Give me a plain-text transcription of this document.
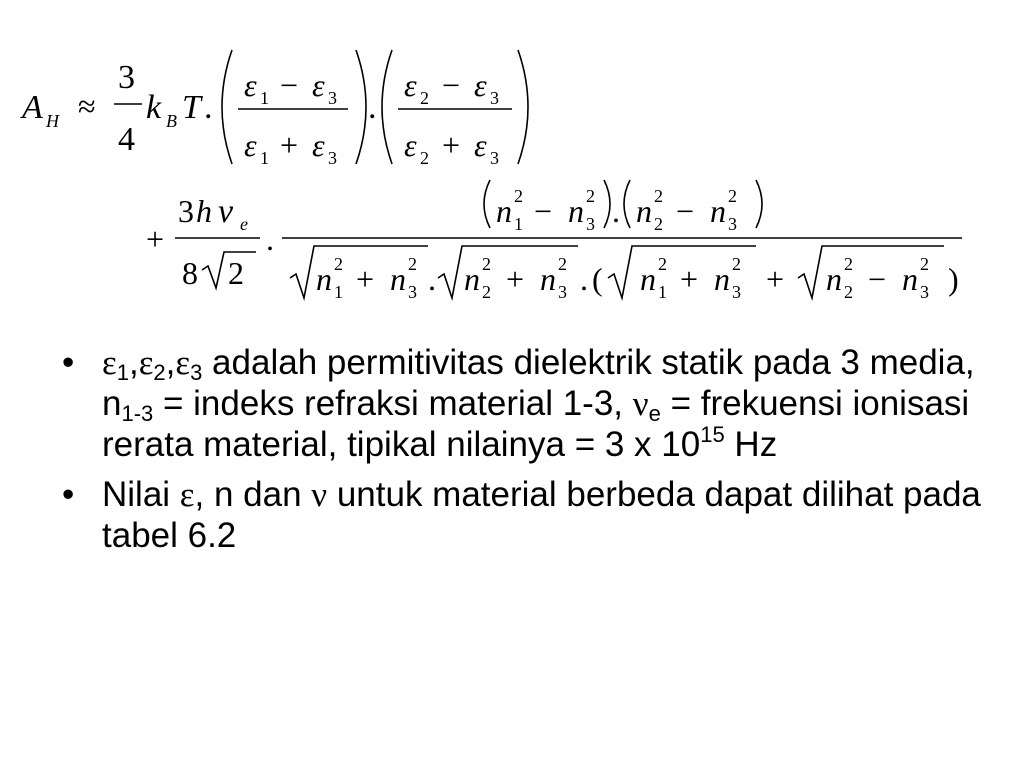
A H ≈
3
4
k B T .
ε 1 − ε 3
ε 1 + ε 3
.
ε 2 − ε 3
ε 2 + ε 3
+
3 h ν e
8 2
.
n 2
1 − n 2
3 . n 2
2 − n 2
3
n 2
1 + n 2
3 . n 2
2 + n 2
3 . ( n 2
1 + n 2
3 + n 2
2 − n 2
3 )
• $\varepsilon_1,\varepsilon_2,\varepsilon_3$ adalah permitivitas dielektrik statik pada 3 media, $n_{1-3}$ = indeks refraksi material 1-3, $\nu_e$ = frekuensi ionisasi rerata material, tipikal nilainya = 3 x $10^{15}$ Hz
• Nilai ε, n dan ν untuk material berbeda dapat dilihat pada tabel 6.2
